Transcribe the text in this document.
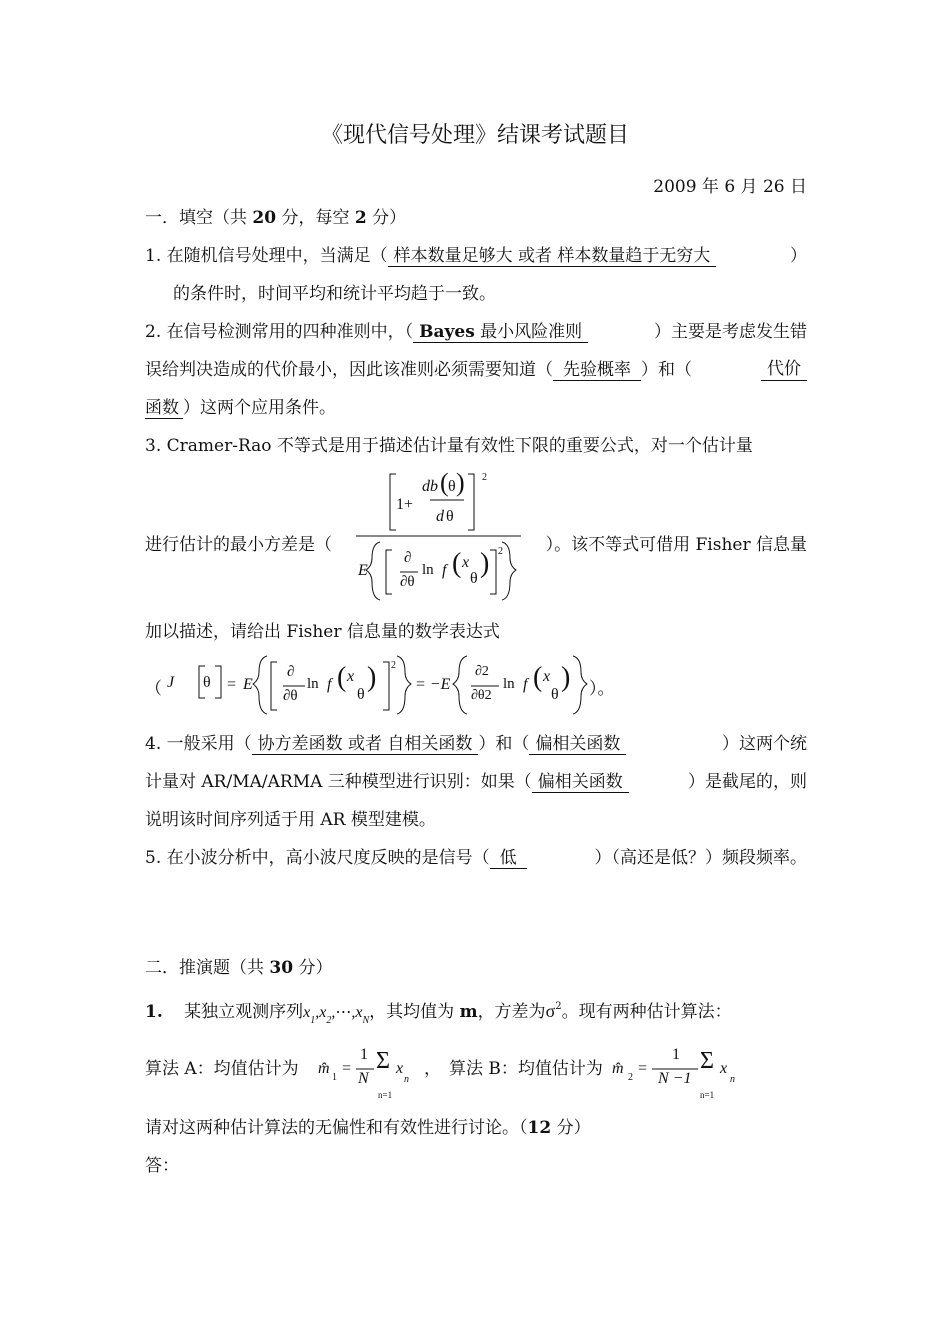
《现代信号处理》结课考试题目
2009 年 6 月 26 日
一．填空（共 20 分，每空 2 分）
1. 在随机信号处理中，当满足（ 样本数量足够大 或者 样本数量趋于无穷大	）
的条件时，时间平均和统计平均趋于一致。
2. 在信号检测常用的四种准则中，（ Bayes 最小风险准则	）主要是考虑发生错
误给判决造成的代价最小，因此该准则必须需要知道（ 先验概率 ）和（	代价
函数 ）这两个应用条件。
3. Cramer-Rao 不等式是用于描述估计量有效性下限的重要公式，对一个估计量
1+
db ( θ ) 2
d θ
E
∂
∂θ
ln f ( x
θ ) 2
进行估计的最小方差是（	）。该不等式可借用 Fisher 信息量
加以描述，请给出 Fisher 信息量的数学表达式
（ J θ = E
∂
∂θ
ln f ( x
θ
) 2
= −E
∂2
∂θ2
ln f ( x
θ
) ）。
4. 一般采用（ 协方差函数 或者 自相关函数 ）和（ 偏相关函数	）这两个统
计量对 AR/MA/ARMA 三种模型进行识别：如果（ 偏相关函数	）是截尾的，则
说明该时间序列适于用 AR 模型建模。
5. 在小波分析中，高小波尺度反映的是信号（ 低	）（高还是低？）频段频率。
二．推演题（共 30 分）
1. 某独立观测序列$x_1,x_2,\cdots,x_N$，其均值为 m，方差为$\sigma^2$。现有两种估计算法：
算法 A：均值估计为	m̂
1
=
1
N
Σ x
n
n=1
， 算法 B：均值估计为 m̂
2
=
1
N −1
Σ x
n
n=1
请对这两种估计算法的无偏性和有效性进行讨论。（12 分）
答：
